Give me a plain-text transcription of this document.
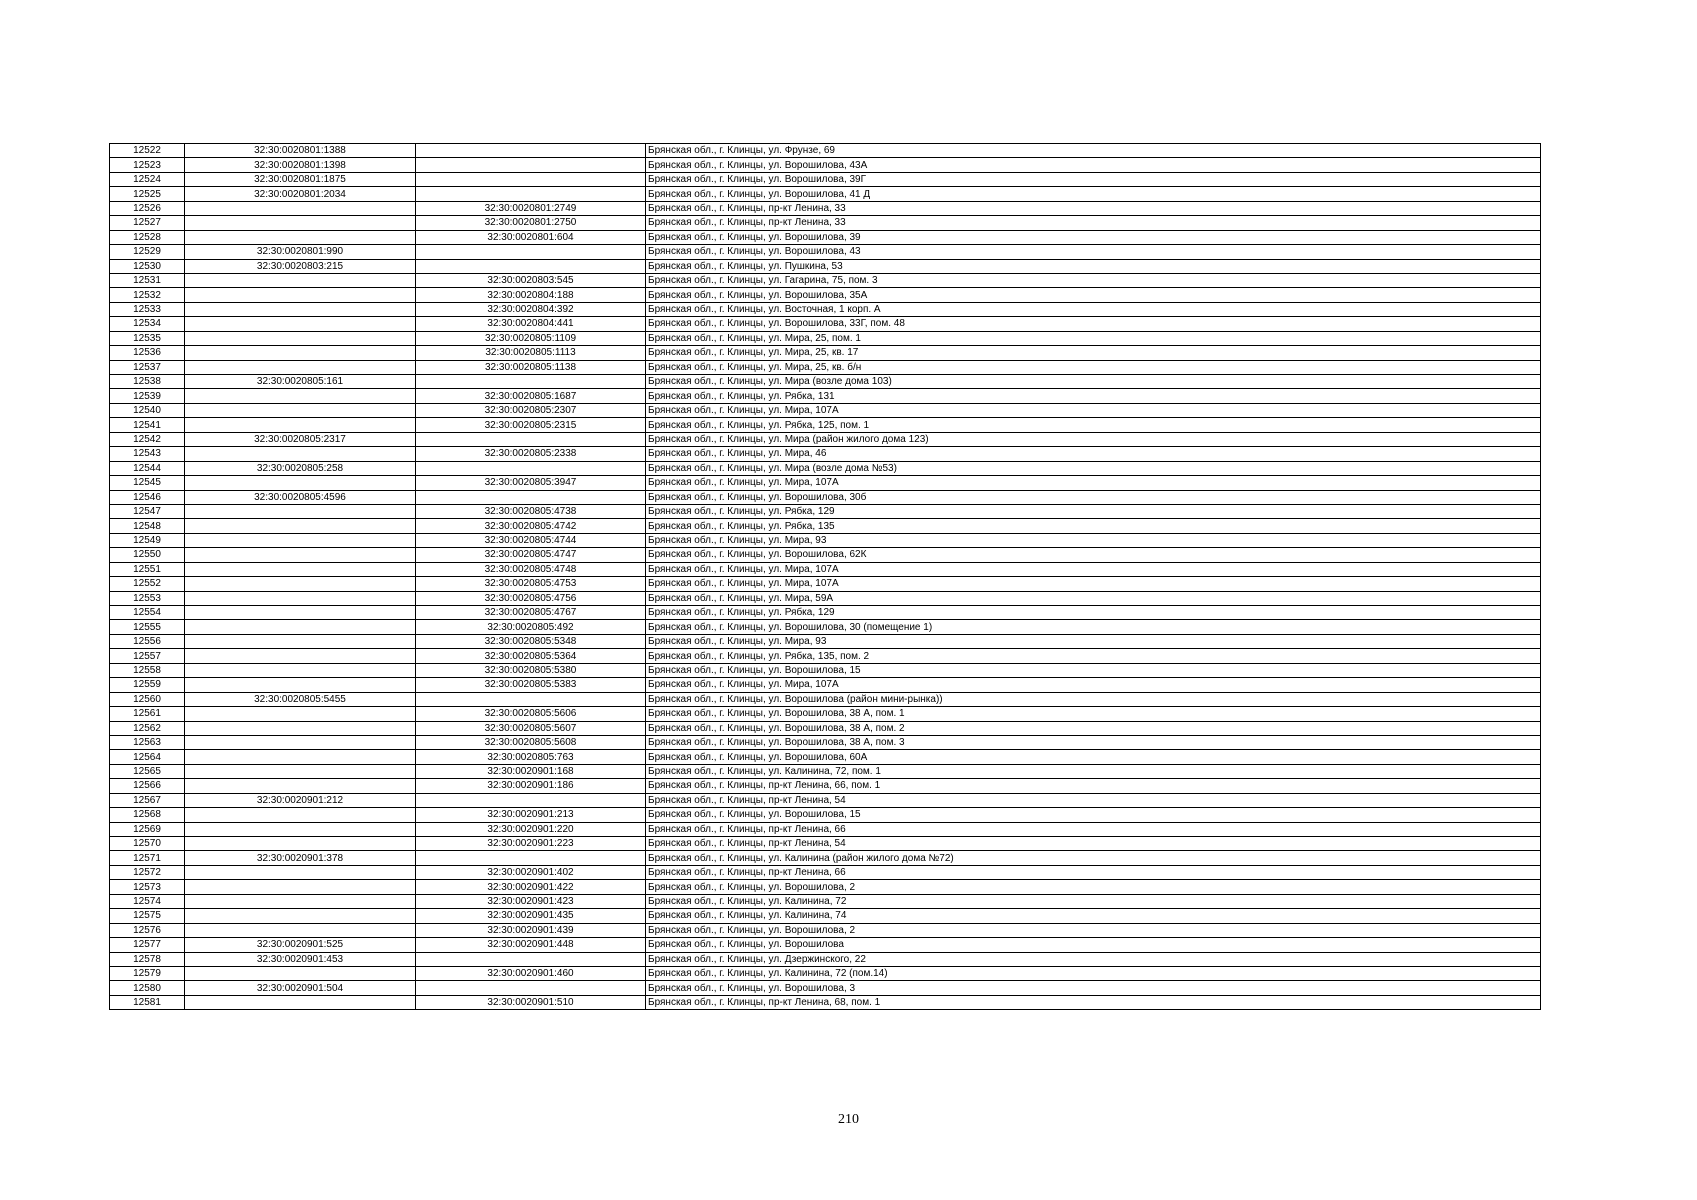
12522	32:30:0020801:1388		Брянская обл., г. Клинцы, ул. Фрунзе, 69
12523	32:30:0020801:1398		Брянская обл., г. Клинцы, ул. Ворошилова, 43А
12524	32:30:0020801:1875		Брянская обл., г. Клинцы, ул. Ворошилова, 39Г
12525	32:30:0020801:2034		Брянская обл., г. Клинцы, ул. Ворошилова, 41 Д
12526		32:30:0020801:2749	Брянская обл., г. Клинцы, пр-кт Ленина, 33
12527		32:30:0020801:2750	Брянская обл., г. Клинцы, пр-кт Ленина, 33
12528		32:30:0020801:604	Брянская обл., г. Клинцы, ул. Ворошилова, 39
12529	32:30:0020801:990		Брянская обл., г. Клинцы, ул. Ворошилова, 43
12530	32:30:0020803:215		Брянская обл., г. Клинцы, ул. Пушкина, 53
12531		32:30:0020803:545	Брянская обл., г. Клинцы, ул. Гагарина, 75, пом. 3
12532		32:30:0020804:188	Брянская обл., г. Клинцы, ул. Ворошилова, 35А
12533		32:30:0020804:392	Брянская обл., г. Клинцы, ул. Восточная, 1 корп. А
12534		32:30:0020804:441	Брянская обл., г. Клинцы, ул. Ворошилова, 33Г, пом. 48
12535		32:30:0020805:1109	Брянская обл., г. Клинцы, ул. Мира, 25, пом. 1
12536		32:30:0020805:1113	Брянская обл., г. Клинцы, ул. Мира, 25, кв. 17
12537		32:30:0020805:1138	Брянская обл., г. Клинцы, ул. Мира, 25, кв. б/н
12538	32:30:0020805:161		Брянская обл., г. Клинцы, ул. Мира (возле дома 103)
12539		32:30:0020805:1687	Брянская обл., г. Клинцы, ул. Рябка, 131
12540		32:30:0020805:2307	Брянская обл., г. Клинцы, ул. Мира, 107А
12541		32:30:0020805:2315	Брянская обл., г. Клинцы, ул. Рябка, 125, пом. 1
12542	32:30:0020805:2317		Брянская обл., г. Клинцы, ул. Мира (район жилого дома 123)
12543		32:30:0020805:2338	Брянская обл., г. Клинцы, ул. Мира, 46
12544	32:30:0020805:258		Брянская обл., г. Клинцы, ул. Мира (возле дома №53)
12545		32:30:0020805:3947	Брянская обл., г. Клинцы, ул. Мира, 107А
12546	32:30:0020805:4596		Брянская обл., г. Клинцы, ул. Ворошилова, 30б
12547		32:30:0020805:4738	Брянская обл., г. Клинцы, ул. Рябка, 129
12548		32:30:0020805:4742	Брянская обл., г. Клинцы, ул. Рябка, 135
12549		32:30:0020805:4744	Брянская обл., г. Клинцы, ул. Мира, 93
12550		32:30:0020805:4747	Брянская обл., г. Клинцы, ул. Ворошилова, 62К
12551		32:30:0020805:4748	Брянская обл., г. Клинцы, ул. Мира, 107А
12552		32:30:0020805:4753	Брянская обл., г. Клинцы, ул. Мира, 107А
12553		32:30:0020805:4756	Брянская обл., г. Клинцы, ул. Мира, 59А
12554		32:30:0020805:4767	Брянская обл., г. Клинцы, ул. Рябка, 129
12555		32:30:0020805:492	Брянская обл., г. Клинцы, ул. Ворошилова, 30 (помещение 1)
12556		32:30:0020805:5348	Брянская обл., г. Клинцы, ул. Мира, 93
12557		32:30:0020805:5364	Брянская обл., г. Клинцы, ул. Рябка, 135, пом. 2
12558		32:30:0020805:5380	Брянская обл., г. Клинцы, ул. Ворошилова, 15
12559		32:30:0020805:5383	Брянская обл., г. Клинцы, ул. Мира, 107А
12560	32:30:0020805:5455		Брянская обл., г. Клинцы, ул. Ворошилова (район мини-рынка))
12561		32:30:0020805:5606	Брянская обл., г. Клинцы, ул. Ворошилова, 38 А, пом. 1
12562		32:30:0020805:5607	Брянская обл., г. Клинцы, ул. Ворошилова, 38 А, пом. 2
12563		32:30:0020805:5608	Брянская обл., г. Клинцы, ул. Ворошилова, 38 А, пом. 3
12564		32:30:0020805:763	Брянская обл., г. Клинцы, ул. Ворошилова, 60А
12565		32:30:0020901:168	Брянская обл., г. Клинцы, ул. Калинина, 72, пом. 1
12566		32:30:0020901:186	Брянская обл., г. Клинцы, пр-кт Ленина, 66, пом. 1
12567	32:30:0020901:212		Брянская обл., г. Клинцы, пр-кт Ленина, 54
12568		32:30:0020901:213	Брянская обл., г. Клинцы, ул. Ворошилова, 15
12569		32:30:0020901:220	Брянская обл., г. Клинцы, пр-кт Ленина, 66
12570		32:30:0020901:223	Брянская обл., г. Клинцы, пр-кт Ленина, 54
12571	32:30:0020901:378		Брянская обл., г. Клинцы, ул. Калинина (район жилого дома №72)
12572		32:30:0020901:402	Брянская обл., г. Клинцы, пр-кт Ленина, 66
12573		32:30:0020901:422	Брянская обл., г. Клинцы, ул. Ворошилова, 2
12574		32:30:0020901:423	Брянская обл., г. Клинцы, ул. Калинина, 72
12575		32:30:0020901:435	Брянская обл., г. Клинцы, ул. Калинина, 74
12576		32:30:0020901:439	Брянская обл., г. Клинцы, ул. Ворошилова, 2
12577	32:30:0020901:525	32:30:0020901:448	Брянская обл., г. Клинцы, ул. Ворошилова
12578	32:30:0020901:453		Брянская обл., г. Клинцы, ул. Дзержинского, 22
12579		32:30:0020901:460	Брянская обл., г. Клинцы, ул. Калинина, 72 (пом.14)
12580	32:30:0020901:504		Брянская обл., г. Клинцы, ул. Ворошилова, 3
12581		32:30:0020901:510	Брянская обл., г. Клинцы, пр-кт Ленина, 68, пом. 1
210
